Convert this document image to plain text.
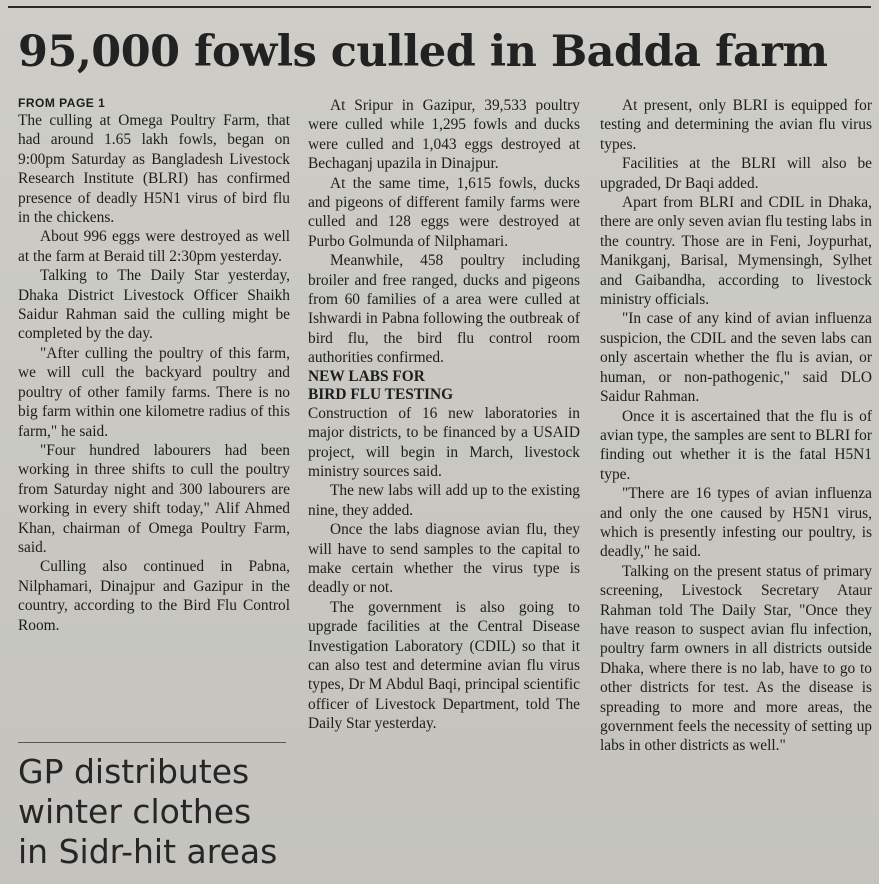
95,000 fowls culled in Badda farm
FROM PAGE 1

The culling at Omega Poultry Farm, that had around 1.65 lakh fowls, began on 9:00pm Saturday as Bangladesh Livestock Research Institute (BLRI) has confirmed presence of deadly H5N1 virus of bird flu in the chickens.

About 996 eggs were destroyed as well at the farm at Beraid till 2:30pm yesterday.

Talking to The Daily Star yesterday, Dhaka District Livestock Officer Shaikh Saidur Rahman said the culling might be completed by the day.

"After culling the poultry of this farm, we will cull the backyard poultry and poultry of other family farms. There is no big farm within one kilometre radius of this farm," he said.

"Four hundred labourers had been working in three shifts to cull the poultry from Saturday night and 300 labourers are working in every shift today," Alif Ahmed Khan, chairman of Omega Poultry Farm, said.

Culling also continued in Pabna, Nilphamari, Dinajpur and Gazipur in the country, according to the Bird Flu Control Room.

At Sripur in Gazipur, 39,533 poultry were culled while 1,295 fowls and ducks were culled and 1,043 eggs destroyed at Bechaganj upazila in Dinajpur.

At the same time, 1,615 fowls, ducks and pigeons of different family farms were culled and 128 eggs were destroyed at Purbo Golmunda of Nilphamari.

Meanwhile, 458 poultry including broiler and free ranged, ducks and pigeons from 60 families of a area were culled at Ishwardi in Pabna following the outbreak of bird flu, the bird flu control room authorities confirmed.

NEW LABS FOR
BIRD FLU TESTING

Construction of 16 new laboratories in major districts, to be financed by a USAID project, will begin in March, livestock ministry sources said.

The new labs will add up to the existing nine, they added.

Once the labs diagnose avian flu, they will have to send samples to the capital to make certain whether the virus type is deadly or not.

The government is also going to upgrade facilities at the Central Disease Investigation Laboratory (CDIL) so that it can also test and determine avian flu virus types, Dr M Abdul Baqi, principal scientific officer of Livestock Department, told The Daily Star yesterday.

At present, only BLRI is equipped for testing and determining the avian flu virus types.

Facilities at the BLRI will also be upgraded, Dr Baqi added.

Apart from BLRI and CDIL in Dhaka, there are only seven avian flu testing labs in the country. Those are in Feni, Joypurhat, Manikganj, Barisal, Mymensingh, Sylhet and Gaibandha, according to livestock ministry officials.

"In case of any kind of avian influenza suspicion, the CDIL and the seven labs can only ascertain whether the flu is avian, or human, or non-pathogenic," said DLO Saidur Rahman.

Once it is ascertained that the flu is of avian type, the samples are sent to BLRI for finding out whether it is the fatal H5N1 type.

"There are 16 types of avian influenza and only the one caused by H5N1 virus, which is presently infesting our poultry, is deadly," he said.

Talking on the present status of primary screening, Livestock Secretary Ataur Rahman told The Daily Star, "Once they have reason to suspect avian flu infection, poultry farm owners in all districts outside Dhaka, where there is no lab, have to go to other districts for test. As the disease is spreading to more and more areas, the government feels the necessity of setting up labs in other districts as well."

GP distributes winter clothes in Sidr-hit areas
